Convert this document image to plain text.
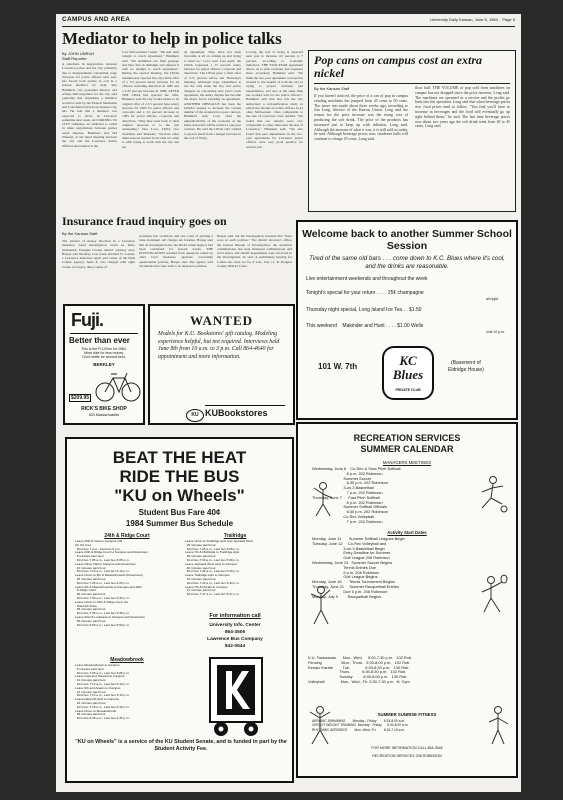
CAMPUS AND AREA	University Daily Kansan, June 6, 1984 Page 5
Mediator to help in police talks
By JOHN UNRUH
Staff Reporter
A stalemate in negotiations between Lawrence police and the city, primarily due to disagreements concerning wage increases for police officers next year, has forced both parties to call in a federal mediator for help. Ray Hammert, city personnel director and acting chief negotiator for the city, said yesterday that requesting a mediator would be sent by the Federal Mediation and Conciliation Service in Kansas City, Mo. He said that a mediator was expected to arrive in Lawrence sometime next week. ACCORDING TO CITY ordinance, an arbitrator is called in when negotiations between parties reach impasse. Hammert and Ted Wheeler, at the latest meeting between the city and the Lawrence Police Officers Association at the
Law Enforcement Center. "We met until tonight to reach agreement," Hammert said. "We submitted our final package and they met in midnight and refused it with no attempt to reach agreement." During the special meeting, the LPOA unanimously rejected the city's final offer of a 3.5 percent salary increase for all officers, including detectives in 1985 and a 4.25 percent increase in 1986. AFTER THE LPOA had rejected the offer, Hammert said the city would return to its original offer of a 3.5 percent base salary increase for 1985 for patrol officers and corporals and a 3.5 percent increase in 1985 for patrol officers, corporals and detectives. "Why they went back to their original proposal is to me just astounding," Don Love, LPOA vice chairman, said Thursday. "We have other times lessons learned from what we came to with trying to work with the city and get
an agreement. They have not been favorable at all on coming up and trying to meet us," Love said. Last April, the LPOA requested a 15 percent salary increase for patrol officers, corporals and detectives. The LPOA gave a final offer of 5.75 percent before last Thursday's meeting. Although wage adjustment is not the only issue the city and police disagree on concerning next year's work agreement, the salary dispute has become the major factor blocking an agreement. ANOTHER OBSTACLE has been the LPOA's request to increase the current number of the standard two-year contract, Hammert said. Love cited the unpredictability of the economy as the main reason the LPOA wanted a one-year contract. He said the LPOA only wished to protect itself from a budget increase in the cost of living.
Locally, the cost of living is expected next year to increase 4.5 percent to 7 percent, according to economic indicators. THE TWO-YEAR agreement allows us to plan revenues and expenses more accurately, Hammert said. "We think the two-year agreement concept has worked to the benefit of both the city in trying to project revenues and expenditures, and also at the same time has worked well for the police officers." Hammert said that last fall the city authorized a reclassification study in which the salaries of police officers in 43 other Midwestern cities comparable to the size of Lawrence were studied. "We found that our salaries were very comparable to other cities near the size of Lawrence," Hammert said. "We also found that past adjustments in the two-year agreements for Lawrence police officers were very good positive for several year
Pop cans on campus cost an extra nickel
By the Kansan Staff
If you haven't noticed, the price of a can of pop in campus vending machines has jumped from 45 cents to 50 cents. The move was made about three weeks ago, according to Jim Long, director of the Kansas Union. Long said the reason for the price increase was the rising cost of producing the soft drink. The price of the products has increased just to keep up with inflation, Long said. Although the increase of what it was, it is still sold as today, he said. Although beverage prices rose, residence halls will continue to charge 45 cents, Long said.
floor hall. THE VOLUME of pop sold from machines on campus has not dropped since the price increase, Long said. The machines are operated as a service and the profits go back into the operation. Long said that when beverage prices rise, food prices tend to follow. "You find you'll have to increase in beverages and the food will eventually go up right behind them," he said. The last time beverage prices rose about two years ago the soft drink went from 40 to 45 cents, Long said.
Insurance fraud inquiry goes on
By the Kansan Staff
The amount of money involved in a Lawrence insurance fraud investigation could be fairly substantial, Douglas County district attorney Jerry Harper said Monday. Last week, Richard N. Loman, a Lawrence insurance agent and owner of the Dick Loman Agency, Suite 8, was charged with eight counts of forgery, three counts of
securities law violations and one count of probing a false document. All charges are felonies. Harper said that an investigation into the Dick Loman Agency had been conducted for several weeks. THE INVESTIGATION resulted from questions raised by other local insurance agencies concerning questionable policies, Harper said. The agency sold documents that were said to be insurance policies,
Harper said, but the investigation revealed that "there were no such policies." The district attorney's office, the Kansas Bureau of Investigation, the securities commissioner, the state insurance commissioner and local police and sheriff departments were involved in the investigation, he said. A preliminary hearing for Loman has been set for 9 a.m., July 11, in Douglas County District Court.
Fuji.
Better than ever
This is the FUJI line for 1984.
More bike for less money.
Don't settle for second best.
BERKLEY
$209.95
RICK'S BIKE SHOP
804 Massachusetts
WANTED
Models for K.U. Bookstores' gift catalog. Modeling experience helpful, but not required. Interviews held June 8th from 10 a.m. to 3 p.m. Call 864-4640 for appointment and more information.
KU KUBookstores
Welcome back to another Summer School Session
Tired of the same old bars . . . come down to K.C. Blues where it's cool, and the drinks are reasonable.
Live entertainment weekends and throughout the week
Tonight's special for your return . . . . 25¢ champagne
all night
Thursday night special, Long Island Ice Tea . . $1.50
This weekend    Makinder and Hunt . . . . $1.00 Wells
until 10 p.m.
101 W. 7th	KC Blues
PRIVATE CLUB
(Basement of
Eldridge House)
BEAT THE HEAT
RIDE THE BUS
"KU on Wheels"
Student Bus Fare 40¢
1984 Summer Bus Schedule
24th & Ridge Court
Leave 26th & Iowa to Campus Old
On the hour
First bus 7 a.m., Last bus 6 p.m.
Leave 24th & Ridge Court to Campus and Downtown
5 minutes past hour
First bus 7:05 a.m., Last bus 6:05 p.m.
Leave Oliver Hall to Campus and Downtown
10 minutes past hour
First bus 7:10 a.m., Last bus 6:10 p.m.
Leave Union to 9th & Massachusetts (Downtown)
25 minutes past hour
First bus 7:25 a.m., Last bus 6:25 p.m.
Leave 9th & Massachusetts to Campus and 24th
& Ridge Court
30 minutes past hour
First bus 7:30 a.m., Last bus 5:30 p.m.
Leave Union to 24th & Ridge Court via
Naismith Drive
45 minutes past hour
First bus 7:45 a.m., Last bus 5:45 p.m.
Leave 23rd & Louisiana to Campus and Downtown
50 minutes past hour
First bus 6:50 a.m., Last bus 5:50 p.m.
Meadowbrook
Leave Meadowbrook to Campus
5 minutes past hour
First bus 7:05 a.m., Last bus 6:05 p.m.
Leave Iowa and Harvard to Campus
10 minutes past hour
First bus 7:10 a.m., Last bus 5:10 p.m.
Leave 9th and Avalon to Campus
13 minutes past hour
First bus 7:13 a.m., Last bus 5:13 p.m.
Leave Naismith Apts to Campus
16 minutes past hour
First bus 7:16 a.m., Last bus 5:16 p.m.
Leave Union to Meadowbrook
35 minutes past hour
First bus 6:35 a.m., Last bus 4:35 p.m.
Trailridge
Leave Union to Trailridge Apts and Jayhawk West
25 minutes past hour
First bus 7:25 a.m., Last bus 5:25 p.m.
Leave 7th & McDingle to Trailridge Apts
30 minutes past hour
First bus 7:30 a.m., Last bus 5:30 p.m.
Leave Jayhawk West Apts to Campus
40 minutes past hour
First bus 7:40 a.m., Last bus 5:40 p.m.
Leave Trailridge Apts to Campus
43 minutes past hour
First bus 7:43 a.m., Last bus 5:43 p.m.
Leave 7th & Florida to Campus
47 minutes past hour
First bus 7:47 a.m., Last bus 5:47 p.m.
For information call
University Info. Center
864-3506
Lawrence Bus Company
842-0544
"KU on Wheels" is a service of the KU Student Senate, and is funded in part by the Student Activity Fee.
RECREATION SERVICES
SUMMER CALENDAR
MANAGERS MEETINGS
Wednesday, June 6    Co-Rec & Slow Pitch Softball
6 p.m. 202 Robinson
Summer Soccer
6:30 p.m. 202 Robinson
3-on-3 Basketball
7 p.m. 202 Robinson
Thursday, June 7      Fast Pitch Softball
6 p.m. 202 Robinson
Summer Softball Officials
6:30 p.m. 202 Robinson
Co-Rec Volleyball
7 p.m. 202 Robinson
Activity Start Dates
Monday, June 11       Summer Softball Leagues Begin
Tuesday, June 12     Co-Rec Volleyball and
3-on-3 Basketball Begin
Entry Deadline for Summer
Golf League 208 Robinson
Wednesday, June 13   Summer Soccer Begins
Tennis Entries Due
5 p.m. 208 Robinson
Golf League Begins
Monday, June 18       Tennis Tournament Begins
Thursday, June 21     Summer Racquetball Entries
Due 5 p.m. 208 Robinson
Monday, July 9         Racquetball Begins
K.U. Taekwando      Mon., Wed.     5:00-7:30 p.m.   102 Rob.
Fencing                  Mon., Thurs.   5:30-8:00 p.m.   102 Rob.
Kempo Karate         Tue.              6:30-8:30 p.m.   130 Rob.
Thurs.           6:30-8:30 p.m.   102 Rob.
Sunday          6:00-8:00 p.m.   130 Rob.
Volleyball               Mon., Wed., Fri. 5:30-7:30 p.m.  N. Gym
SUMMER SUNRISE FITNESS
AEROBIC SWIMMING        Monday - Friday        6:15-8:00 a.m.
CIRCUIT WEIGHT TRAINING  Monday - Friday      6:30-8:00 a.m.
RHYTHMIC AEROBICS        Mon.-Wed.-Fri.        6:15-7:15 a.m.
FOR MORE INFORMATION CALL 864-3546
RECREATION SERVICES 208 ROBINSON
